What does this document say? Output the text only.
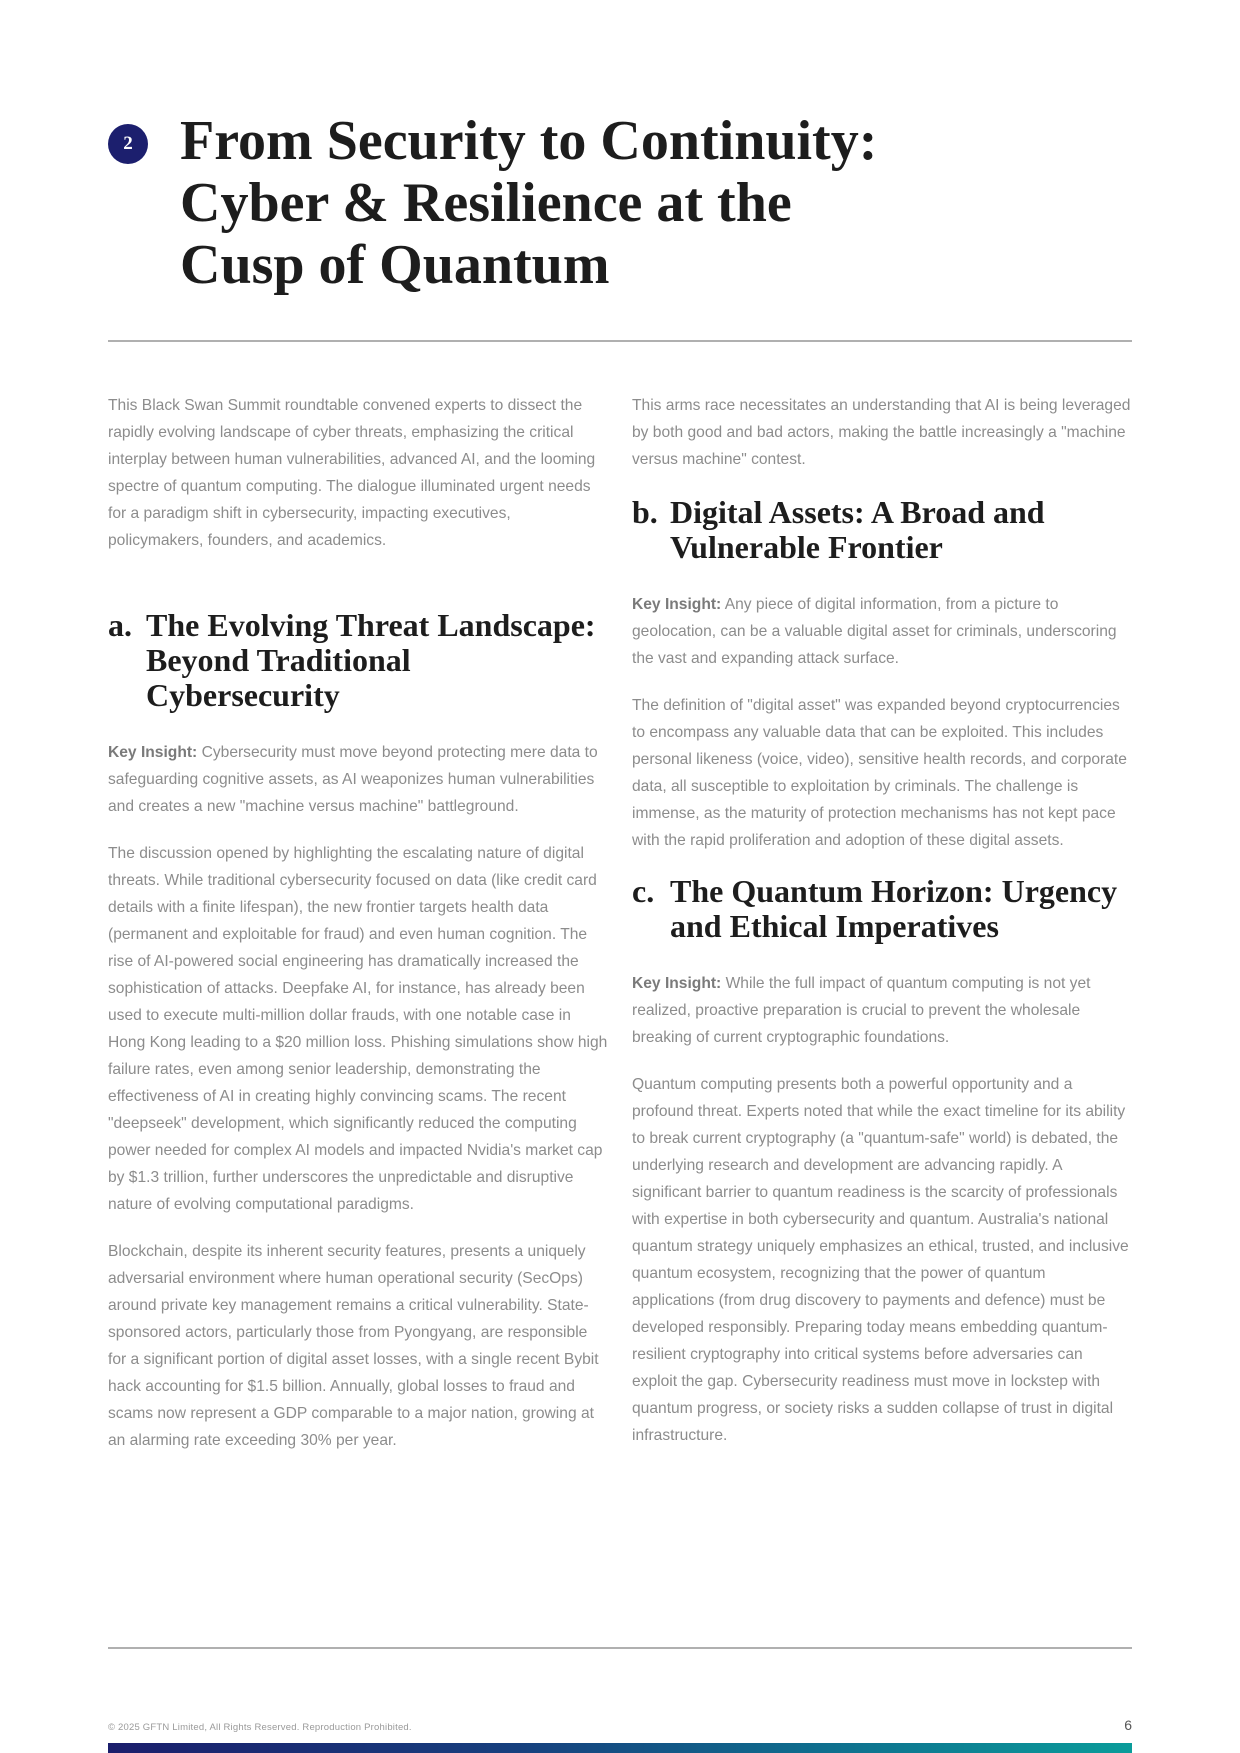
2 From Security to Continuity:
Cyber & Resilience at the
Cusp of Quantum

This Black Swan Summit roundtable convened experts to dissect the rapidly evolving landscape of cyber threats, emphasizing the critical interplay between human vulnerabilities, advanced AI, and the looming spectre of quantum computing. The dialogue illuminated urgent needs for a paradigm shift in cybersecurity, impacting executives, policymakers, founders, and academics.

a. The Evolving Threat Landscape: Beyond Traditional Cybersecurity

Key Insight: Cybersecurity must move beyond protecting mere data to safeguarding cognitive assets, as AI weaponizes human vulnerabilities and creates a new "machine versus machine" battleground.

The discussion opened by highlighting the escalating nature of digital threats. While traditional cybersecurity focused on data (like credit card details with a finite lifespan), the new frontier targets health data (permanent and exploitable for fraud) and even human cognition. The rise of AI-powered social engineering has dramatically increased the sophistication of attacks. Deepfake AI, for instance, has already been used to execute multi-million dollar frauds, with one notable case in Hong Kong leading to a $20 million loss. Phishing simulations show high failure rates, even among senior leadership, demonstrating the effectiveness of AI in creating highly convincing scams. The recent "deepseek" development, which significantly reduced the computing power needed for complex AI models and impacted Nvidia's market cap by $1.3 trillion, further underscores the unpredictable and disruptive nature of evolving computational paradigms.

Blockchain, despite its inherent security features, presents a uniquely adversarial environment where human operational security (SecOps) around private key management remains a critical vulnerability. State-sponsored actors, particularly those from Pyongyang, are responsible for a significant portion of digital asset losses, with a single recent Bybit hack accounting for $1.5 billion. Annually, global losses to fraud and scams now represent a GDP comparable to a major nation, growing at an alarming rate exceeding 30% per year.

This arms race necessitates an understanding that AI is being leveraged by both good and bad actors, making the battle increasingly a "machine versus machine" contest.

b. Digital Assets: A Broad and Vulnerable Frontier

Key Insight: Any piece of digital information, from a picture to geolocation, can be a valuable digital asset for criminals, underscoring the vast and expanding attack surface.

The definition of "digital asset" was expanded beyond cryptocurrencies to encompass any valuable data that can be exploited. This includes personal likeness (voice, video), sensitive health records, and corporate data, all susceptible to exploitation by criminals. The challenge is immense, as the maturity of protection mechanisms has not kept pace with the rapid proliferation and adoption of these digital assets.

c. The Quantum Horizon: Urgency and Ethical Imperatives

Key Insight: While the full impact of quantum computing is not yet realized, proactive preparation is crucial to prevent the wholesale breaking of current cryptographic foundations.

Quantum computing presents both a powerful opportunity and a profound threat. Experts noted that while the exact timeline for its ability to break current cryptography (a "quantum-safe" world) is debated, the underlying research and development are advancing rapidly. A significant barrier to quantum readiness is the scarcity of professionals with expertise in both cybersecurity and quantum. Australia's national quantum strategy uniquely emphasizes an ethical, trusted, and inclusive quantum ecosystem, recognizing that the power of quantum applications (from drug discovery to payments and defence) must be developed responsibly. Preparing today means embedding quantum-resilient cryptography into critical systems before adversaries can exploit the gap. Cybersecurity readiness must move in lockstep with quantum progress, or society risks a sudden collapse of trust in digital infrastructure.

© 2025 GFTN Limited, All Rights Reserved. Reproduction Prohibited.	6
